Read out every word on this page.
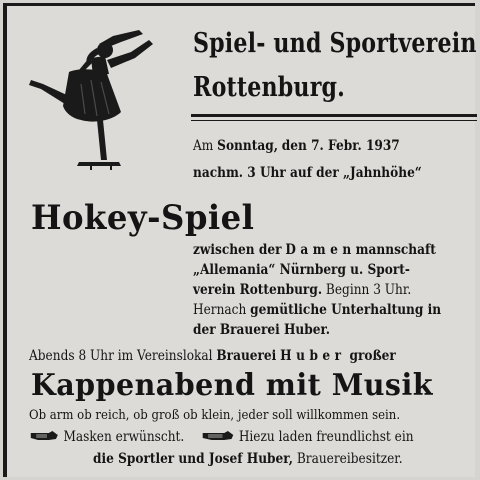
Spiel- und Sportverein
Rottenburg.
Am Sonntag, den 7. Febr. 1937
nachm. 3 Uhr auf der „Jahnhöhe“
Hokey-Spiel
zwischen der Damenmannschaft
„Allemania“ Nürnberg u. Sport-
verein Rottenburg. Beginn 3 Uhr.
Hernach gemütliche Unterhaltung in
der Brauerei Huber.
Abends 8 Uhr im Vereinslokal Brauerei Huber großer
Kappenabend mit Musik
Ob arm ob reich, ob groß ob klein, jeder soll willkommen sein.
Masken erwünscht.	Hiezu laden freundlichst ein
die Sportler und Josef Huber, Brauereibesitzer.
